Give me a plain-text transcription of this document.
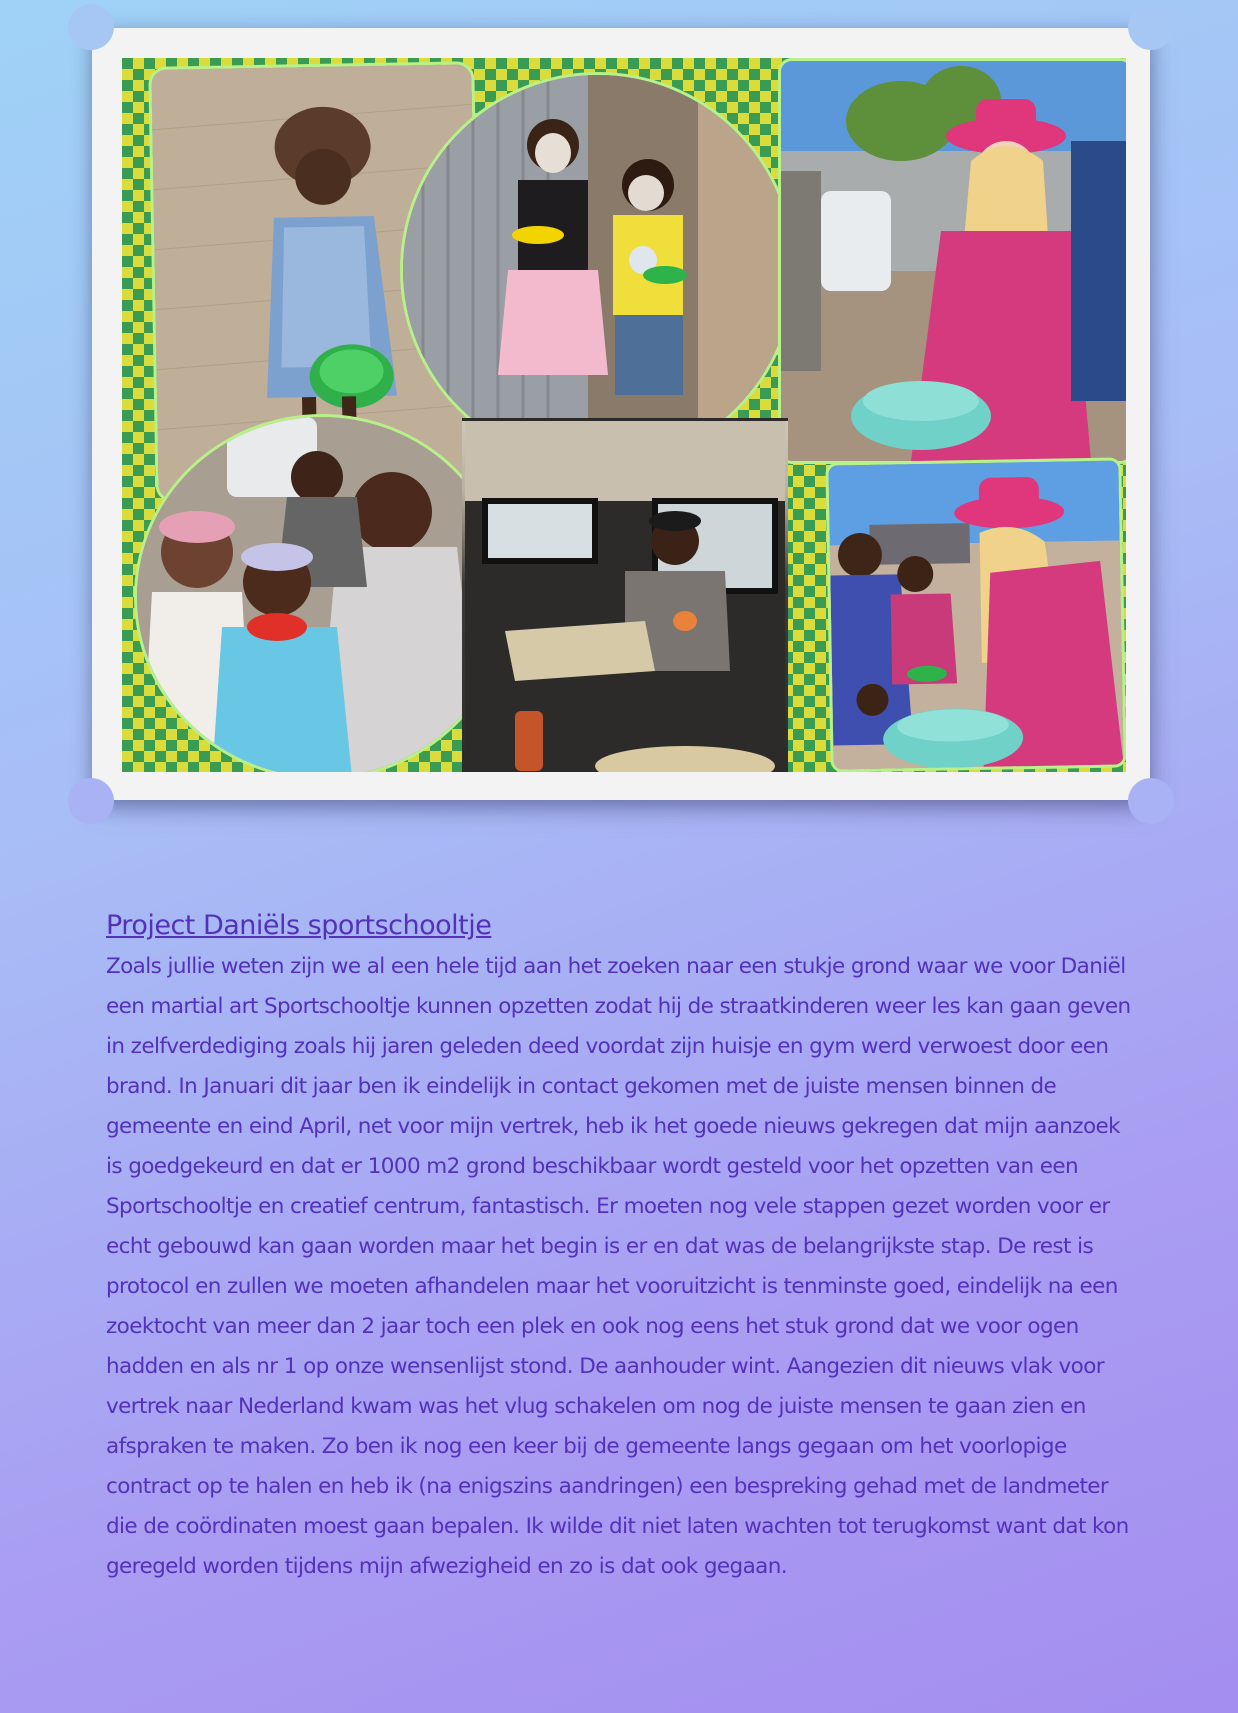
Project Daniëls sportschooltje

Zoals jullie weten zijn we al een hele tijd aan het zoeken naar een stukje grond waar we voor Daniël een martial art Sportschooltje kunnen opzetten zodat hij de straatkinderen weer les kan gaan geven in zelfverdediging zoals hij jaren geleden deed voordat zijn huisje en gym werd verwoest door een brand. In Januari dit jaar ben ik eindelijk in contact gekomen met de juiste mensen binnen de gemeente en eind April, net voor mijn vertrek, heb ik het goede nieuws gekregen dat mijn aanzoek is goedgekeurd en dat er 1000 m2 grond beschikbaar wordt gesteld voor het opzetten van een Sportschooltje en creatief centrum, fantastisch. Er moeten nog vele stappen gezet worden voor er echt gebouwd kan gaan worden maar het begin is er en dat was de belangrijkste stap. De rest is protocol en zullen we moeten afhandelen maar het vooruitzicht is tenminste goed, eindelijk na een zoektocht van meer dan 2 jaar toch een plek en ook nog eens het stuk grond dat we voor ogen hadden en als nr 1 op onze wensenlijst stond. De aanhouder wint. Aangezien dit nieuws vlak voor vertrek naar Nederland kwam was het vlug schakelen om nog de juiste mensen te gaan zien en afspraken te maken. Zo ben ik nog een keer bij de gemeente langs gegaan om het voorlopige contract op te halen en heb ik (na enigszins aandringen) een bespreking gehad met de landmeter die de coördinaten moest gaan bepalen. Ik wilde dit niet laten wachten tot terugkomst want dat kon geregeld worden tijdens mijn afwezigheid en zo is dat ook gegaan.
